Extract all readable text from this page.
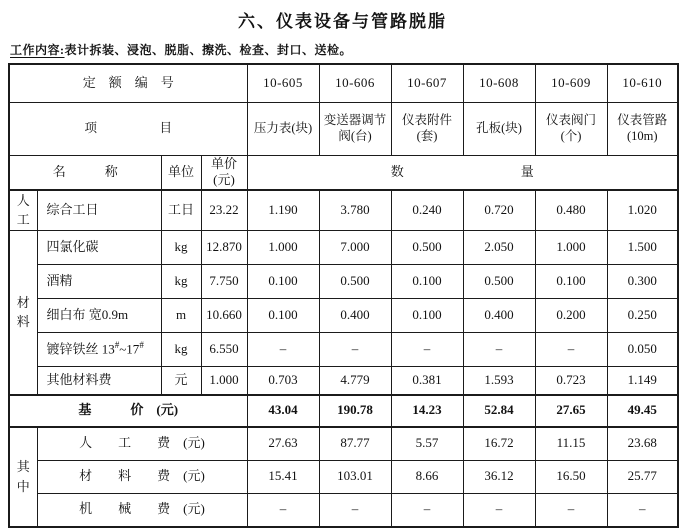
六、仪表设备与管路脱脂
工作内容:表计拆装、浸泡、脱脂、擦洗、检查、封口、送检。
定　额　编　号				10-605	10-606	10-607	10-608	10-609	10-610
项　　　　　目				压力表(块)	变送器调节阀(台)	仪表附件(套)	孔板(块)	仪表阀门(个)	仪表管路(10m)
名　　　称		单位	单价(元)	数　　　　　　　　　量					
人工	综合工日	工日	23.22	1.190	3.780	0.240	0.720	0.480	1.020
材料	四氯化碳	kg	12.870	1.000	7.000	0.500	2.050	1.000	1.500
	酒精	kg	7.750	0.100	0.500	0.100	0.500	0.100	0.300
	细白布 宽0.9m	m	10.660	0.100	0.400	0.100	0.400	0.200	0.250
	镀锌铁丝 13#~17#	kg	6.550	–	–	–	–	–	0.050
	其他材料费	元	1.000	0.703	4.779	0.381	1.593	0.723	1.149
基　　　价　(元)				43.04	190.78	14.23	52.84	27.65	49.45
其中	人　　工　　费　(元)			27.63	87.77	5.57	16.72	11.15	23.68
	材　　料　　费　(元)			15.41	103.01	8.66	36.12	16.50	25.77
	机　　械　　费　(元)			–	–	–	–	–	–
